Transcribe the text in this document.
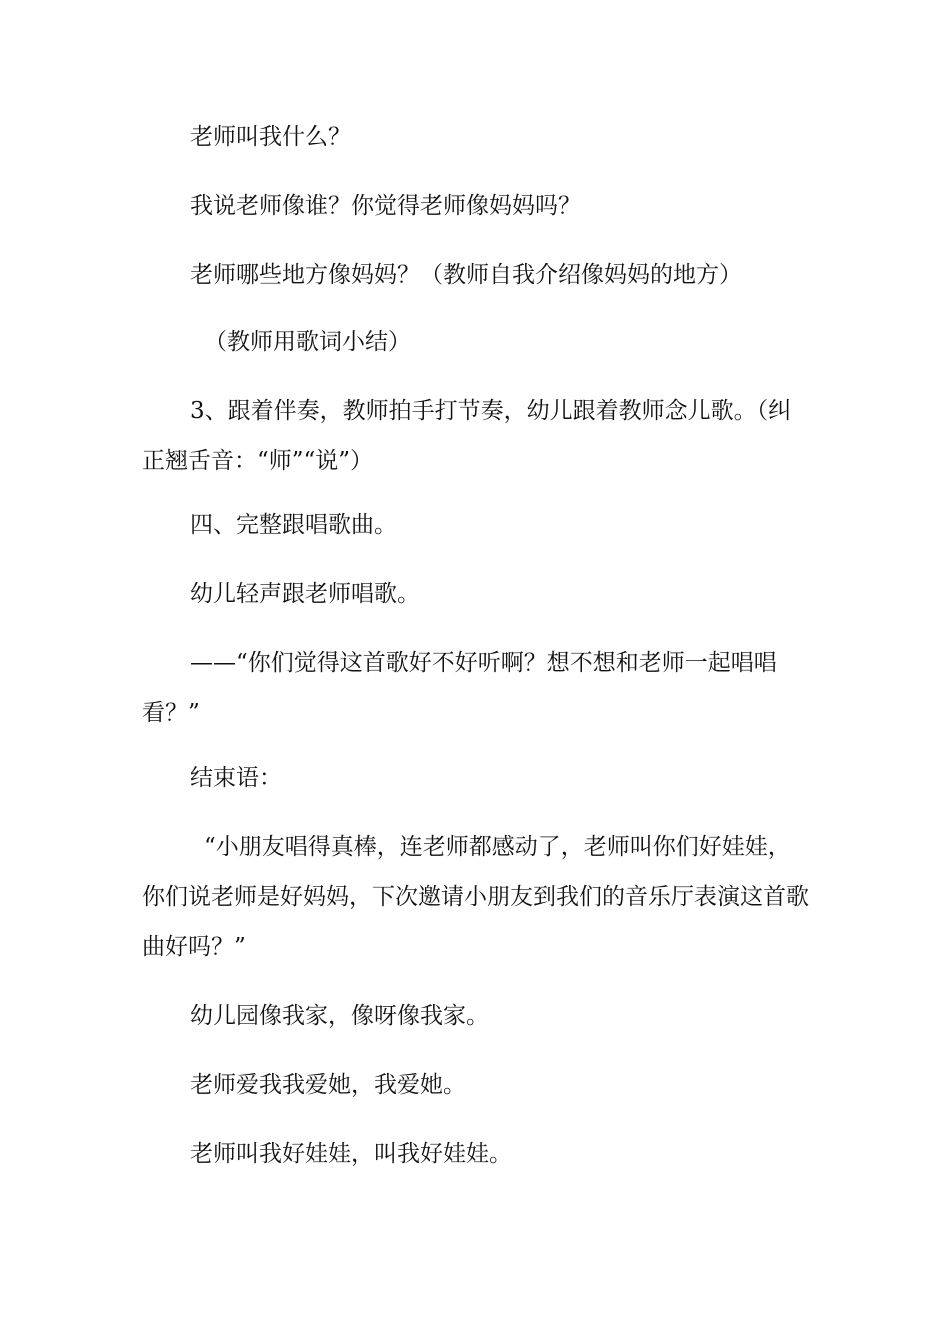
老师叫我什么？

我说老师像谁？你觉得老师像妈妈吗？

老师哪些地方像妈妈？（教师自我介绍像妈妈的地方）

（教师用歌词小结）

3、跟着伴奏，教师拍手打节奏，幼儿跟着教师念儿歌。（纠正翘舌音：“师”“说”）

四、完整跟唱歌曲。

幼儿轻声跟老师唱歌。

——“你们觉得这首歌好不好听啊？想不想和老师一起唱唱看？”

结束语：

“小朋友唱得真棒，连老师都感动了，老师叫你们好娃娃，你们说老师是好妈妈，下次邀请小朋友到我们的音乐厅表演这首歌曲好吗？”

幼儿园像我家，像呀像我家。

老师爱我我爱她，我爱她。

老师叫我好娃娃，叫我好娃娃。
